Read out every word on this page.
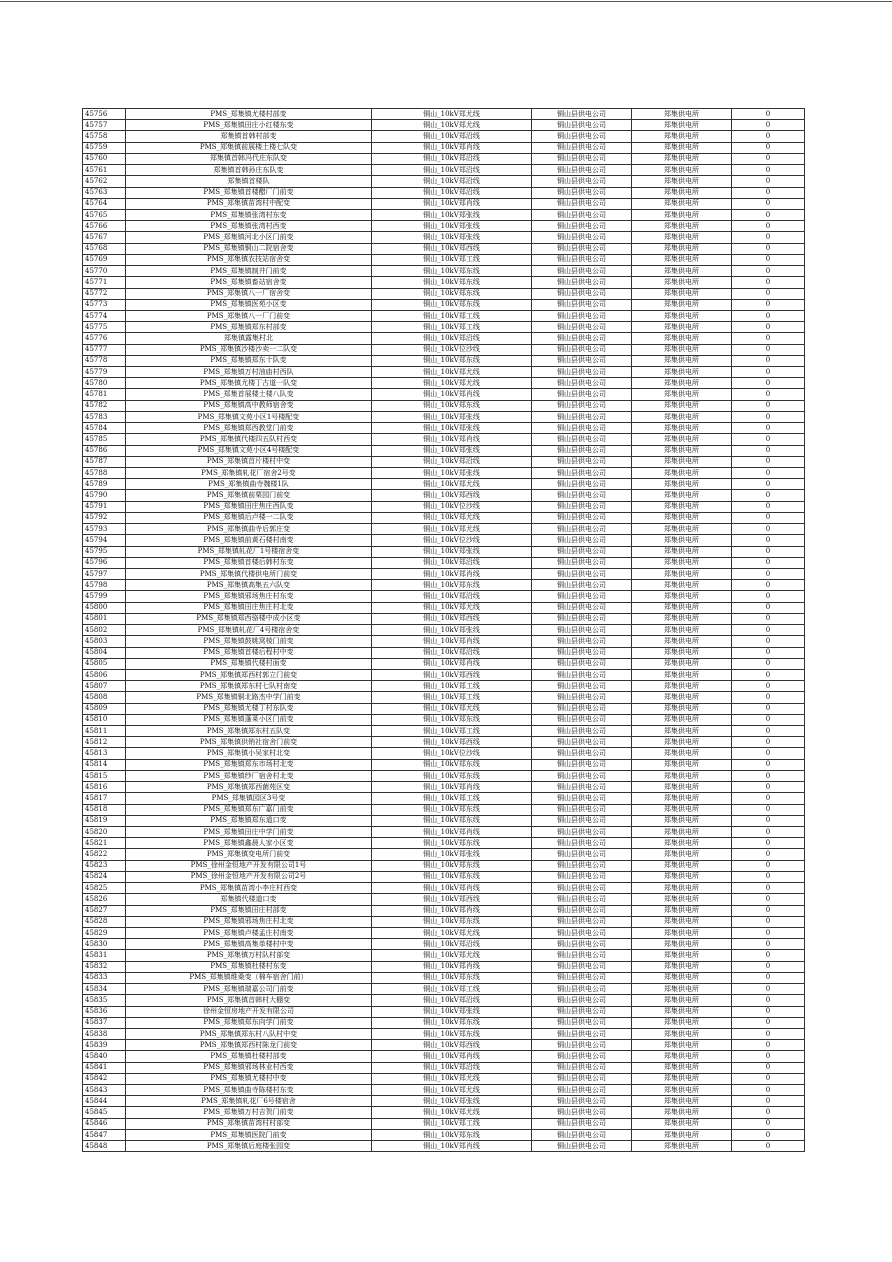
45756	PMS_郑集镇尤楼村部变	铜山_10kV郑尤线	铜山县供电公司	郑集供电所	0
45757	PMS_郑集镇田庄小红楼东变	铜山_10kV郑尤线	铜山县供电公司	郑集供电所	0
45758	郑集镇首韩村部变	铜山_10kV郑沿线	铜山县供电公司	郑集供电所	0
45759	PMS_郑集镇前展楼土楼七队变	铜山_10kV郑肖线	铜山县供电公司	郑集供电所	0
45760	郑集镇首韩冯代庄东队变	铜山_10kV郑沿线	铜山县供电公司	郑集供电所	0
45761	郑集镇首韩孙庄东队变	铜山_10kV郑沿线	铜山县供电公司	郑集供电所	0
45762	郑集镇首楼队	铜山_10kV郑沿线	铜山县供电公司	郑集供电所	0
45763	PMS_郑集镇首楼醋厂门前变	铜山_10kV郑沿线	铜山县供电公司	郑集供电所	0
45764	PMS_郑集镇苗湾村中配变	铜山_10kV郑肖线	铜山县供电公司	郑集供电所	0
45765	PMS_郑集镇张湾村东变	铜山_10kV郑张线	铜山县供电公司	郑集供电所	0
45766	PMS_郑集镇张湾村西变	铜山_10kV郑张线	铜山县供电公司	郑集供电所	0
45767	PMS_郑集镇河北小区门前变	铜山_10kV郑张线	铜山县供电公司	郑集供电所	0
45768	PMS_郑集镇铜山二院宿舍变	铜山_10kV郑西线	铜山县供电公司	郑集供电所	0
45769	PMS_郑集镇农技站宿舍变	铜山_10kV郑工线	铜山县供电公司	郑集供电所	0
45770	PMS_郑集镇制井门前变	铜山_10kV郑东线	铜山县供电公司	郑集供电所	0
45771	PMS_郑集镇畜站宿舍变	铜山_10kV郑东线	铜山县供电公司	郑集供电所	0
45772	PMS_郑集镇八一厂宿舍变	铜山_10kV郑东线	铜山县供电公司	郑集供电所	0
45773	PMS_郑集镇医苑小区变	铜山_10kV郑东线	铜山县供电公司	郑集供电所	0
45774	PMS_郑集镇八一厂门前变	铜山_10kV郑工线	铜山县供电公司	郑集供电所	0
45775	PMS_郑集镇郑东村部变	铜山_10kV郑工线	铜山县供电公司	郑集供电所	0
45776	郑集镇露集村北	铜山_10kV郑沿线	铜山县供电公司	郑集供电所	0
45777	PMS_郑集镇沙楼沙卖一二队变	铜山_10kV位沙线	铜山县供电公司	郑集供电所	0
45778	PMS_郑集镇郑东十队变	铜山_10kV郑东线	铜山县供电公司	郑集供电所	0
45779	PMS_郑集镇万村油庙村西队	铜山_10kV郑尤线	铜山县供电公司	郑集供电所	0
45780	PMS_郑集镇尤楼丁古道一队变	铜山_10kV郑尤线	铜山县供电公司	郑集供电所	0
45781	PMS_郑集首展楼土楼八队变	铜山_10kV郑肖线	铜山县供电公司	郑集供电所	0
45782	PMS_郑集镇高中教师宿舍变	铜山_10kV郑东线	铜山县供电公司	郑集供电所	0
45783	PMS_郑集镇文苑小区1号楼配变	铜山_10kV郑张线	铜山县供电公司	郑集供电所	0
45784	PMS_郑集镇郑西教堂门前变	铜山_10kV郑张线	铜山县供电公司	郑集供电所	0
45785	PMS_郑集镇代楼四五队村西变	铜山_10kV郑肖线	铜山县供电公司	郑集供电所	0
45786	PMS_郑集镇文苑小区4号楼配变	铜山_10kV郑张线	铜山县供电公司	郑集供电所	0
45787	PMS_郑集镇首片楼村中变	铜山_10kV郑沿线	铜山县供电公司	郑集供电所	0
45788	PMS_郑集镇轧花厂宿舍2号变	铜山_10kV郑张线	铜山县供电公司	郑集供电所	0
45789	PMS_郑集镇曲寺魏楼1队	铜山_10kV郑尤线	铜山县供电公司	郑集供电所	0
45790	PMS_郑集镇前栗园门前变	铜山_10kV郑西线	铜山县供电公司	郑集供电所	0
45791	PMS_郑集镇田庄焦庄西队变	铜山_10kV位沙线	铜山县供电公司	郑集供电所	0
45792	PMS_郑集镇后卢楼一二队变	铜山_10kV郑尤线	铜山县供电公司	郑集供电所	0
45793	PMS_郑集镇曲寺后郭庄变	铜山_10kV郑尤线	铜山县供电公司	郑集供电所	0
45794	PMS_郑集镇前黄石楼村南变	铜山_10kV位沙线	铜山县供电公司	郑集供电所	0
45795	PMS_郑集镇轧花厂1号楼宿舍变	铜山_10kV郑张线	铜山县供电公司	郑集供电所	0
45796	PMS_郑集镇首楼后韩村东变	铜山_10kV郑沿线	铜山县供电公司	郑集供电所	0
45797	PMS_郑集镇代楼供电所门前变	铜山_10kV郑肖线	铜山县供电公司	郑集供电所	0
45798	PMS_郑集镇高集五六队变	铜山_10kV郑东线	铜山县供电公司	郑集供电所	0
45799	PMS_郑集镇邪场焦庄村东变	铜山_10kV郑沿线	铜山县供电公司	郑集供电所	0
45800	PMS_郑集镇田庄焦庄村北变	铜山_10kV郑尤线	铜山县供电公司	郑集供电所	0
45801	PMS_郑集镇郑西骆楼中成小区变	铜山_10kV郑西线	铜山县供电公司	郑集供电所	0
45802	PMS_郑集镇轧花厂4号楼宿舍变	铜山_10kV郑张线	铜山县供电公司	郑集供电所	0
45803	PMS_郑集镇鼓姚窝棱门前变	铜山_10kV郑肖线	铜山县供电公司	郑集供电所	0
45804	PMS_郑集镇首楼后程村中变	铜山_10kV郑沿线	铜山县供电公司	郑集供电所	0
45805	PMS_郑集镇代楼村面变	铜山_10kV郑肖线	铜山县供电公司	郑集供电所	0
45806	PMS_郑集镇郑西村郭立门前变	铜山_10kV郑西线	铜山县供电公司	郑集供电所	0
45807	PMS_郑集镇郑东村七队村南变	铜山_10kV郑工线	铜山县供电公司	郑集供电所	0
45808	PMS_郑集镇铜北路杰中学门前变	铜山_10kV郑工线	铜山县供电公司	郑集供电所	0
45809	PMS_郑集镇尤楼丁村东队变	铜山_10kV郑尤线	铜山县供电公司	郑集供电所	0
45810	PMS_郑集镇蓬莱小区门前变	铜山_10kV郑东线	铜山县供电公司	郑集供电所	0
45811	PMS_郑集镇郑东村五队变	铜山_10kV郑工线	铜山县供电公司	郑集供电所	0
45812	PMS_郑集镇供销社宿舍门前变	铜山_10kV郑西线	铜山县供电公司	郑集供电所	0
45813	PMS_郑集镇小吴家村北变	铜山_10kV位沙线	铜山县供电公司	郑集供电所	0
45814	PMS_郑集镇郑东市场村北变	铜山_10kV郑东线	铜山县供电公司	郑集供电所	0
45815	PMS_郑集镇纱厂宿舍村北变	铜山_10kV郑东线	铜山县供电公司	郑集供电所	0
45816	PMS_郑集镇郑西菌苑区变	铜山_10kV郑肖线	铜山县供电公司	郑集供电所	0
45817	PMS_郑集镇园区3号变	铜山_10kV郑工线	铜山县供电公司	郑集供电所	0
45818	PMS_郑集镇郑东广嘉门前变	铜山_10kV郑东线	铜山县供电公司	郑集供电所	0
45819	PMS_郑集镇郑东道口变	铜山_10kV郑东线	铜山县供电公司	郑集供电所	0
45820	PMS_郑集镇田庄中学门前变	铜山_10kV郑肖线	铜山县供电公司	郑集供电所	0
45821	PMS_郑集镇鑫晨人家小区变	铜山_10kV郑东线	铜山县供电公司	郑集供电所	0
45822	PMS_郑集镇变电所门前变	铜山_10kV郑张线	铜山县供电公司	郑集供电所	0
45823	PMS_徐州金恒地产开发有限公司1号	铜山_10kV郑东线	铜山县供电公司	郑集供电所	0
45824	PMS_徐州金恒地产开发有限公司2号	铜山_10kV郑东线	铜山县供电公司	郑集供电所	0
45825	PMS_郑集镇苗湾小李庄村西变	铜山_10kV郑肖线	铜山县供电公司	郑集供电所	0
45826	郑集镇代楼道口变	铜山_10kV郑西线	铜山县供电公司	郑集供电所	0
45827	PMS_郑集镇田庄村部变	铜山_10kV郑肖线	铜山县供电公司	郑集供电所	0
45828	PMS_郑集镇邪场焦庄村北变	铜山_10kV郑东线	铜山县供电公司	郑集供电所	0
45829	PMS_郑集镇卢楼孟庄村南变	铜山_10kV郑尤线	铜山县供电公司	郑集供电所	0
45830	PMS_郑集镇高集单楼村中变	铜山_10kV郑沿线	铜山县供电公司	郑集供电所	0
45831	PMS_郑集镇万村队村部变	铜山_10kV郑尤线	铜山县供电公司	郑集供电所	0
45832	PMS_郑集镇杜楼村东变	铜山_10kV郑肖线	铜山县供电公司	郑集供电所	0
45833	PMS_郑集镇维桑变（棉车宿舍门前）	铜山_10kV郑东线	铜山县供电公司	郑集供电所	0
45834	PMS_郑集镇瑞嘉公司门前变	铜山_10kV郑工线	铜山县供电公司	郑集供电所	0
45835	PMS_郑集镇首韩村大棚变	铜山_10kV郑沿线	铜山县供电公司	郑集供电所	0
45836	徐州金恒房地产开发有限公司	铜山_10kV郑张线	铜山县供电公司	郑集供电所	0
45837	PMS_郑集镇郑东向学门前变	铜山_10kV郑东线	铜山县供电公司	郑集供电所	0
45838	PMS_郑集镇郑东村八队村中变	铜山_10kV郑东线	铜山县供电公司	郑集供电所	0
45839	PMS_郑集镇郑西村陈龙门前变	铜山_10kV郑西线	铜山县供电公司	郑集供电所	0
45840	PMS_郑集镇杜楼村部变	铜山_10kV郑肖线	铜山县供电公司	郑集供电所	0
45841	PMS_郑集镇邪场林业村西变	铜山_10kV郑沿线	铜山县供电公司	郑集供电所	0
45842	PMS_郑集镇尤楼村中变	铜山_10kV郑尤线	铜山县供电公司	郑集供电所	0
45843	PMS_郑集镇曲寺陈楼村东变	铜山_10kV郑尤线	铜山县供电公司	郑集供电所	0
45844	PMS_郑集镇轧花厂6号楼宿舍	铜山_10kV郑张线	铜山县供电公司	郑集供电所	0
45845	PMS_郑集镇万村吉贺门前变	铜山_10kV郑尤线	铜山县供电公司	郑集供电所	0
45846	PMS_郑集镇苗湾村村部变	铜山_10kV郑工线	铜山县供电公司	郑集供电所	0
45847	PMS_郑集镇医院门前变	铜山_10kV郑东线	铜山县供电公司	郑集供电所	0
45848	PMS_郑集镇后庭楼张园变	铜山_10kV郑肖线	铜山县供电公司	郑集供电所	0
